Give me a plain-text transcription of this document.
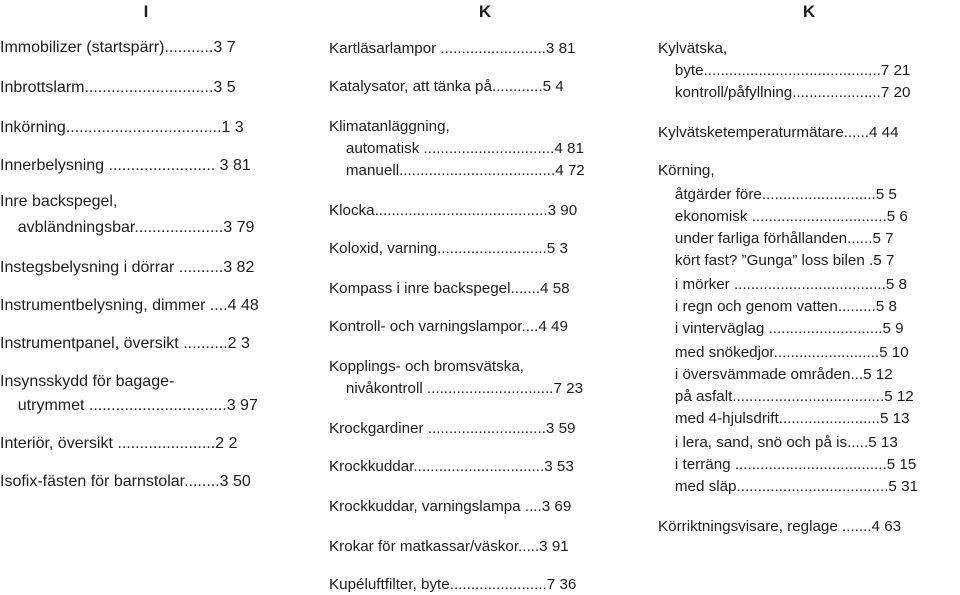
I
Immobilizer (startspärr)...........3 7
Inbrottslarm.............................3 5
Inkörning...................................1 3
Innerbelysning ........................ 3 81
Inre backspegel,
avbländningsbar....................3 79
Instegsbelysning i dörrar ..........3 82
Instrumentbelysning, dimmer ....4 48
Instrumentpanel, översikt ..........2 3
Insynsskydd för bagage-
utrymmet ...............................3 97
Interiör, översikt ......................2 2
Isofix-fästen för barnstolar........3 50
K
Kartläsarlampor .........................3 81
Katalysator, att tänka på............5 4
Klimatanläggning,
automatisk ...............................4 81
manuell.....................................4 72
Klocka.........................................3 90
Koloxid, varning..........................5 3
Kompass i inre backspegel.......4 58
Kontroll- och varningslampor....4 49
Kopplings- och bromsvätska,
nivåkontroll ..............................7 23
Krockgardiner ............................3 59
Krockkuddar...............................3 53
Krockkuddar, varningslampa ....3 69
Krokar för matkassar/väskor.....3 91
Kupéluftfilter, byte.......................7 36
K
Kylvätska,
byte..........................................7 21
kontroll/påfyllning.....................7 20
Kylvätsketemperaturmätare......4 44
Körning,
åtgärder före...........................5 5
ekonomisk ................................5 6
under farliga förhållanden......5 7
kört fast? ”Gunga” loss bilen .5 7
i mörker ....................................5 8
i regn och genom vatten.........5 8
i vinterväglag ...........................5 9
med snökedjor.........................5 10
i översvämmade områden...5 12
på asfalt....................................5 12
med 4-hjulsdrift........................5 13
i lera, sand, snö och på is.....5 13
i terräng ....................................5 15
med släp....................................5 31
Körriktningsvisare, reglage .......4 63
